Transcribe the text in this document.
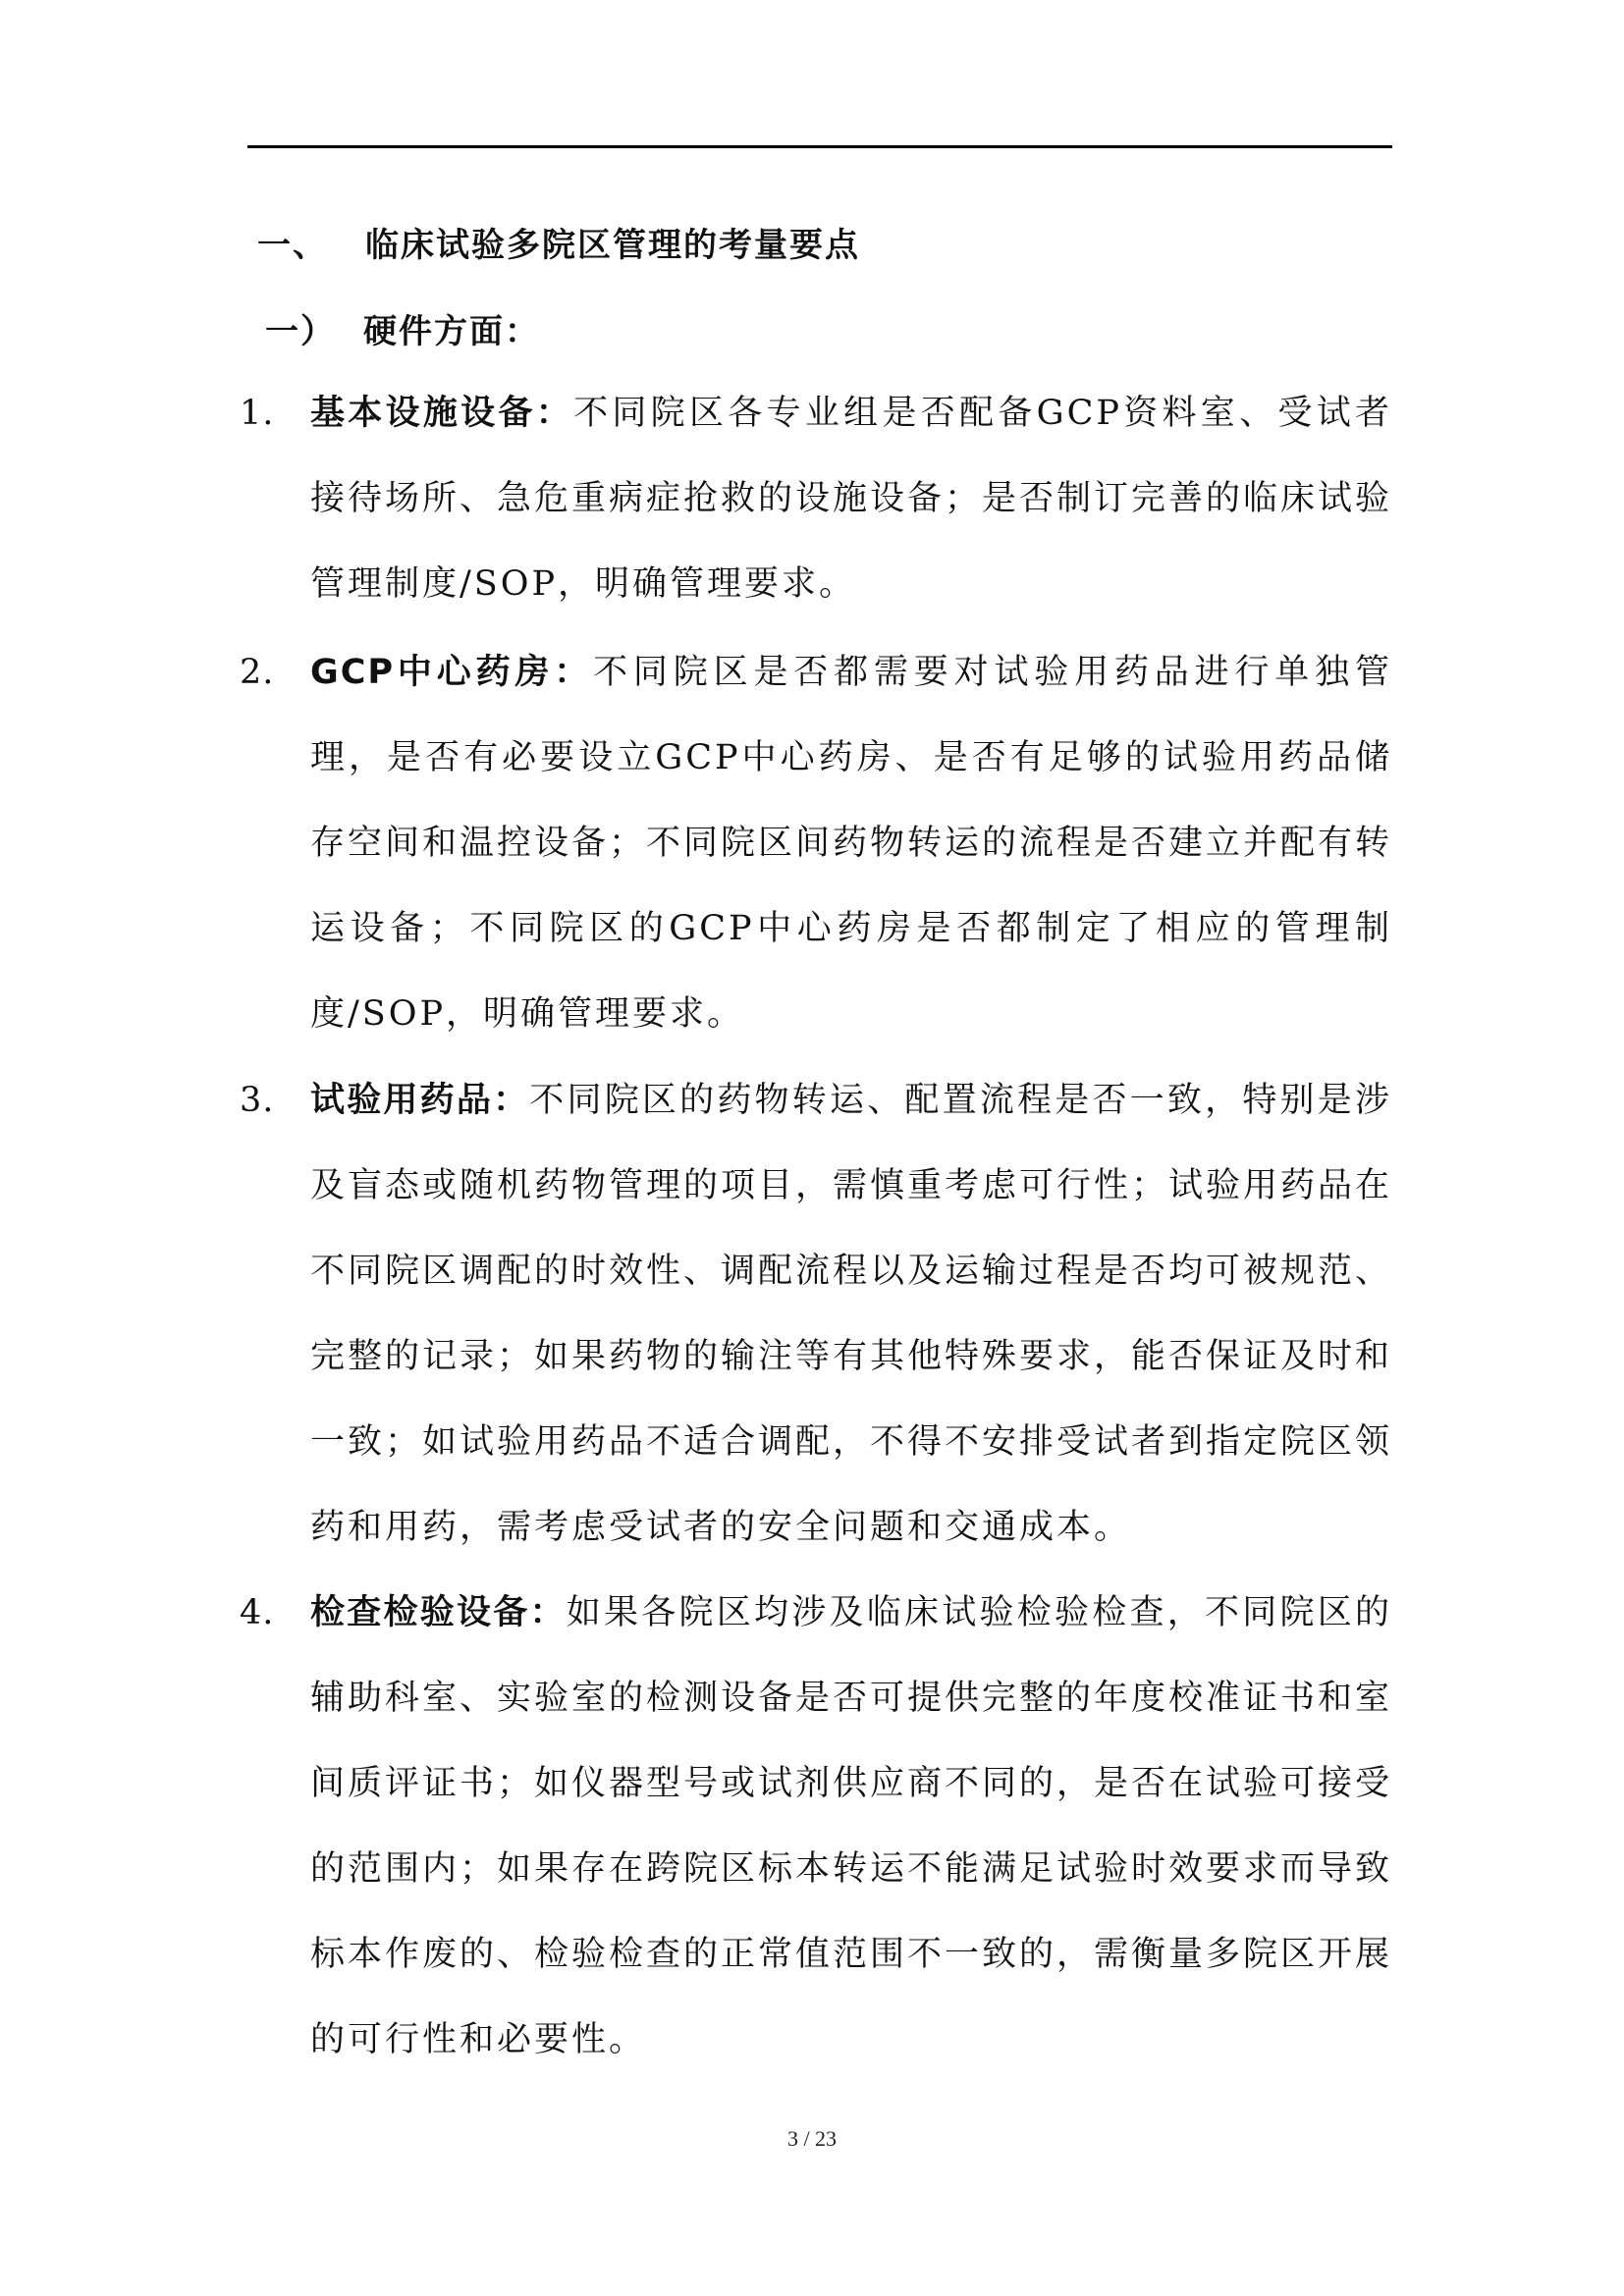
一、 临床试验多院区管理的考量要点
一） 硬件方面：
1. 基本设施设备：不同院区各专业组是否配备GCP资料室、受试者接待场所、急危重病症抢救的设施设备；是否制订完善的临床试验管理制度/SOP，明确管理要求。
2. GCP中心药房：不同院区是否都需要对试验用药品进行单独管理，是否有必要设立GCP中心药房、是否有足够的试验用药品储存空间和温控设备；不同院区间药物转运的流程是否建立并配有转运设备；不同院区的GCP中心药房是否都制定了相应的管理制度/SOP，明确管理要求。
3. 试验用药品：不同院区的药物转运、配置流程是否一致，特别是涉及盲态或随机药物管理的项目，需慎重考虑可行性；试验用药品在不同院区调配的时效性、调配流程以及运输过程是否均可被规范、完整的记录；如果药物的输注等有其他特殊要求，能否保证及时和一致；如试验用药品不适合调配，不得不安排受试者到指定院区领药和用药，需考虑受试者的安全问题和交通成本。
4. 检查检验设备：如果各院区均涉及临床试验检验检查，不同院区的辅助科室、实验室的检测设备是否可提供完整的年度校准证书和室间质评证书；如仪器型号或试剂供应商不同的，是否在试验可接受的范围内；如果存在跨院区标本转运不能满足试验时效要求而导致标本作废的、检验检查的正常值范围不一致的，需衡量多院区开展的可行性和必要性。
3 / 23
